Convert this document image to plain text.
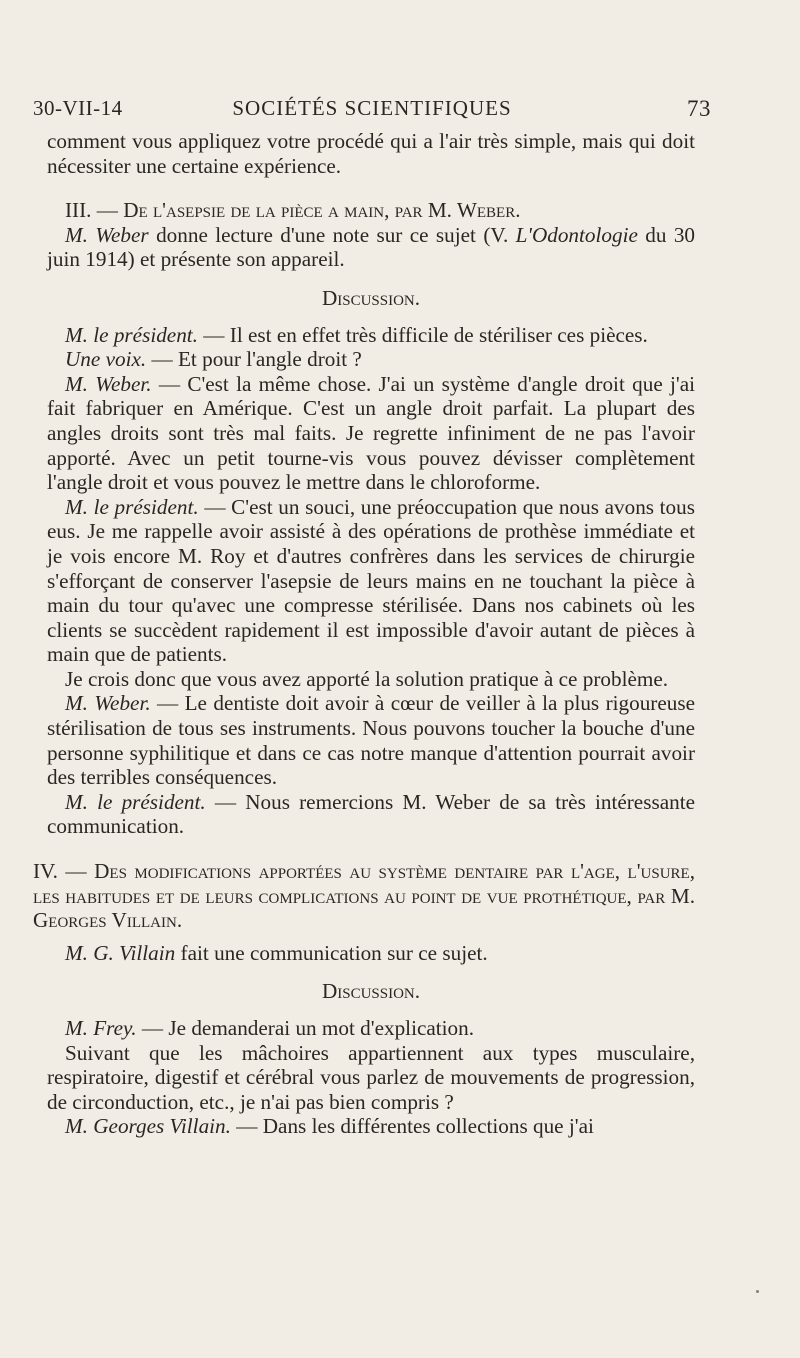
30-VII-14	SOCIÉTÉS SCIENTIFIQUES	73

comment vous appliquez votre procédé qui a l'air très simple, mais qui doit nécessiter une certaine expérience.

III. — De l'asepsie de la pièce a main, par M. Weber.

M. Weber donne lecture d'une note sur ce sujet (V. L'Odontologie du 30 juin 1914) et présente son appareil.

Discussion.

M. le président. — Il est en effet très difficile de stériliser ces pièces.

Une voix. — Et pour l'angle droit ?

M. Weber. — C'est la même chose. J'ai un système d'angle droit que j'ai fait fabriquer en Amérique. C'est un angle droit parfait. La plupart des angles droits sont très mal faits. Je regrette infiniment de ne pas l'avoir apporté. Avec un petit tourne-vis vous pouvez dévisser complètement l'angle droit et vous pouvez le mettre dans le chloroforme.

M. le président. — C'est un souci, une préoccupation que nous avons tous eus. Je me rappelle avoir assisté à des opérations de prothèse immédiate et je vois encore M. Roy et d'autres confrères dans les services de chirurgie s'efforçant de conserver l'asepsie de leurs mains en ne touchant la pièce à main du tour qu'avec une compresse stérilisée. Dans nos cabinets où les clients se succèdent rapidement il est impossible d'avoir autant de pièces à main que de patients.

Je crois donc que vous avez apporté la solution pratique à ce problème.

M. Weber. — Le dentiste doit avoir à cœur de veiller à la plus rigoureuse stérilisation de tous ses instruments. Nous pouvons toucher la bouche d'une personne syphilitique et dans ce cas notre manque d'attention pourrait avoir des terribles conséquences.

M. le président. — Nous remercions M. Weber de sa très intéressante communication.

IV. — Des modifications apportées au système dentaire par l'age, l'usure, les habitudes et de leurs complications au point de vue prothétique, par M. Georges Villain.

M. G. Villain fait une communication sur ce sujet.

Discussion.

M. Frey. — Je demanderai un mot d'explication.

Suivant que les mâchoires appartiennent aux types musculaire, respiratoire, digestif et cérébral vous parlez de mouvements de progression, de circonduction, etc., je n'ai pas bien compris ?

M. Georges Villain. — Dans les différentes collections que j'ai
